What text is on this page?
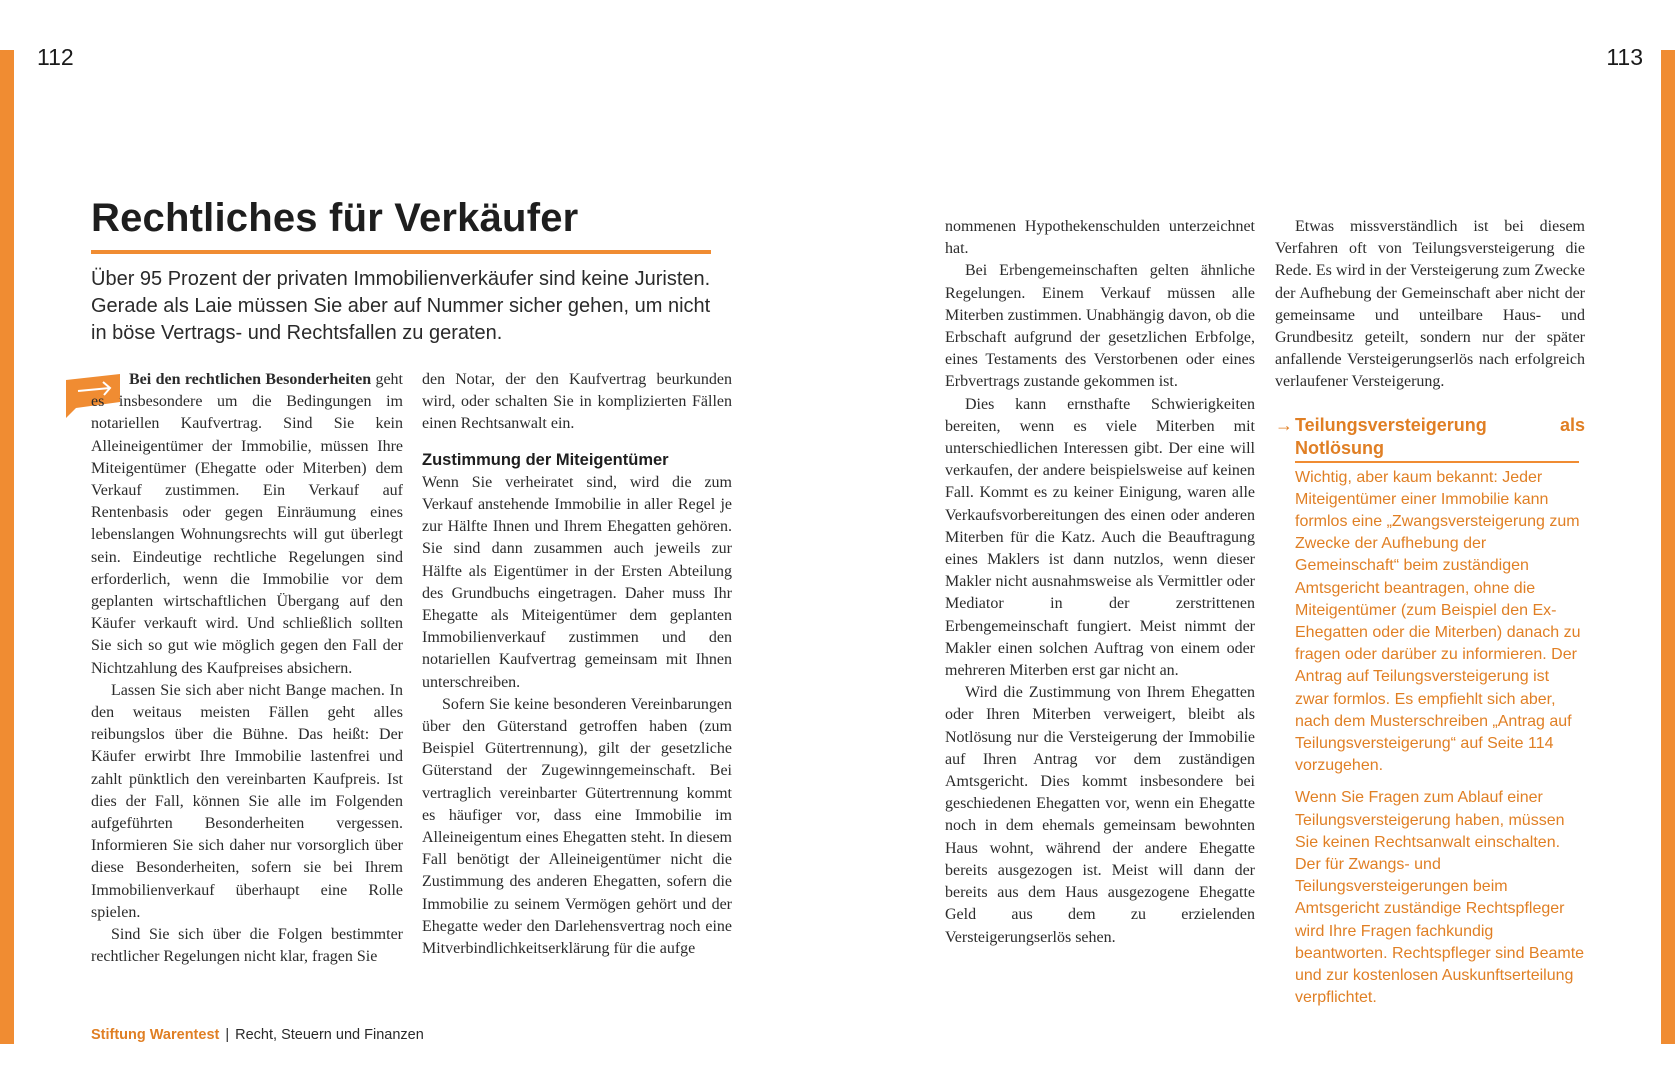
112	113
Rechtliches für Verkäufer
Über 95 Prozent der privaten Immobilienverkäufer sind keine Juristen. Gerade als Laie müssen Sie aber auf Nummer sicher gehen, um nicht in böse Vertrags- und Rechtsfallen zu geraten.

Bei den rechtlichen Besonderheiten geht es insbesondere um die Bedingungen im notariellen Kaufvertrag. Sind Sie kein Alleineigentümer der Immobilie, müssen Ihre Miteigentümer (Ehegatte oder Miterben) dem Verkauf zustimmen. Ein Verkauf auf Rentenbasis oder gegen Einräumung eines lebenslangen Wohnungsrechts will gut überlegt sein. Eindeutige rechtliche Regelungen sind erforderlich, wenn die Immobilie vor dem geplanten wirtschaftlichen Übergang auf den Käufer verkauft wird. Und schließlich sollten Sie sich so gut wie möglich gegen den Fall der Nichtzahlung des Kaufpreises absichern.

Lassen Sie sich aber nicht Bange machen. In den weitaus meisten Fällen geht alles reibungslos über die Bühne. Das heißt: Der Käufer erwirbt Ihre Immobilie lastenfrei und zahlt pünktlich den vereinbarten Kaufpreis. Ist dies der Fall, können Sie alle im Folgenden aufgeführten Besonderheiten vergessen. Informieren Sie sich daher nur vorsorglich über diese Besonderheiten, sofern sie bei Ihrem Immobilienverkauf überhaupt eine Rolle spielen.

Sind Sie sich über die Folgen bestimmter rechtlicher Regelungen nicht klar, fragen Sie

den Notar, der den Kaufvertrag beurkunden wird, oder schalten Sie in komplizierten Fällen einen Rechtsanwalt ein.

Zustimmung der Miteigentümer

Wenn Sie verheiratet sind, wird die zum Verkauf anstehende Immobilie in aller Regel je zur Hälfte Ihnen und Ihrem Ehegatten gehören. Sie sind dann zusammen auch jeweils zur Hälfte als Eigentümer in der Ersten Abteilung des Grundbuchs eingetragen. Daher muss Ihr Ehegatte als Miteigentümer dem geplanten Immobilienverkauf zustimmen und den notariellen Kaufvertrag gemeinsam mit Ihnen unterschreiben.

Sofern Sie keine besonderen Vereinbarungen über den Güterstand getroffen haben (zum Beispiel Gütertrennung), gilt der gesetzliche Güterstand der Zugewinngemeinschaft. Bei vertraglich vereinbarter Gütertrennung kommt es häufiger vor, dass eine Immobilie im Alleineigentum eines Ehegatten steht. In diesem Fall benötigt der Alleineigentümer nicht die Zustimmung des anderen Ehegatten, sofern die Immobilie zu seinem Vermögen gehört und der Ehegatte weder den Darlehensvertrag noch eine Mitverbindlichkeitserklärung für die aufge

nommenen Hypothekenschulden unterzeichnet hat.

Bei Erbengemeinschaften gelten ähnliche Regelungen. Einem Verkauf müssen alle Miterben zustimmen. Unabhängig davon, ob die Erbschaft aufgrund der gesetzlichen Erbfolge, eines Testaments des Verstorbenen oder eines Erbvertrags zustande gekommen ist.

Dies kann ernsthafte Schwierigkeiten bereiten, wenn es viele Miterben mit unterschiedlichen Interessen gibt. Der eine will verkaufen, der andere beispielsweise auf keinen Fall. Kommt es zu keiner Einigung, waren alle Verkaufsvorbereitungen des einen oder anderen Miterben für die Katz. Auch die Beauftragung eines Maklers ist dann nutzlos, wenn dieser Makler nicht ausnahmsweise als Vermittler oder Mediator in der zerstrittenen Erbengemeinschaft fungiert. Meist nimmt der Makler einen solchen Auftrag von einem oder mehreren Miterben erst gar nicht an.

Wird die Zustimmung von Ihrem Ehegatten oder Ihren Miterben verweigert, bleibt als Notlösung nur die Versteigerung der Immobilie auf Ihren Antrag vor dem zuständigen Amtsgericht. Dies kommt insbesondere bei geschiedenen Ehegatten vor, wenn ein Ehegatte noch in dem ehemals gemeinsam bewohnten Haus wohnt, während der andere Ehegatte bereits ausgezogen ist. Meist will dann der bereits aus dem Haus ausgezogene Ehegatte Geld aus dem zu erzielenden Versteigerungserlös sehen.

Etwas missverständlich ist bei diesem Verfahren oft von Teilungsversteigerung die Rede. Es wird in der Versteigerung zum Zwecke der Aufhebung der Gemeinschaft aber nicht der gemeinsame und unteilbare Haus- und Grundbesitz geteilt, sondern nur der später anfallende Versteigerungserlös nach erfolgreich verlaufener Versteigerung.

→ Teilungsversteigerung als Notlösung

Wichtig, aber kaum bekannt: Jeder Miteigentümer einer Immobilie kann formlos eine „Zwangsversteigerung zum Zwecke der Aufhebung der Gemeinschaft“ beim zuständigen Amtsgericht beantragen, ohne die Miteigentümer (zum Beispiel den Ex-Ehegatten oder die Miterben) danach zu fragen oder darüber zu informieren. Der Antrag auf Teilungsversteigerung ist zwar formlos. Es empfiehlt sich aber, nach dem Musterschreiben „Antrag auf Teilungsversteigerung“ auf Seite 114 vorzugehen.

Wenn Sie Fragen zum Ablauf einer Teilungsversteigerung haben, müssen Sie keinen Rechtsanwalt einschalten. Der für Zwangs- und Teilungsversteigerungen beim Amtsgericht zuständige Rechtspfleger wird Ihre Fragen fachkundig beantworten. Rechtspfleger sind Beamte und zur kostenlosen Auskunftserteilung verpflichtet.

Stiftung Warentest | Recht, Steuern und Finanzen
